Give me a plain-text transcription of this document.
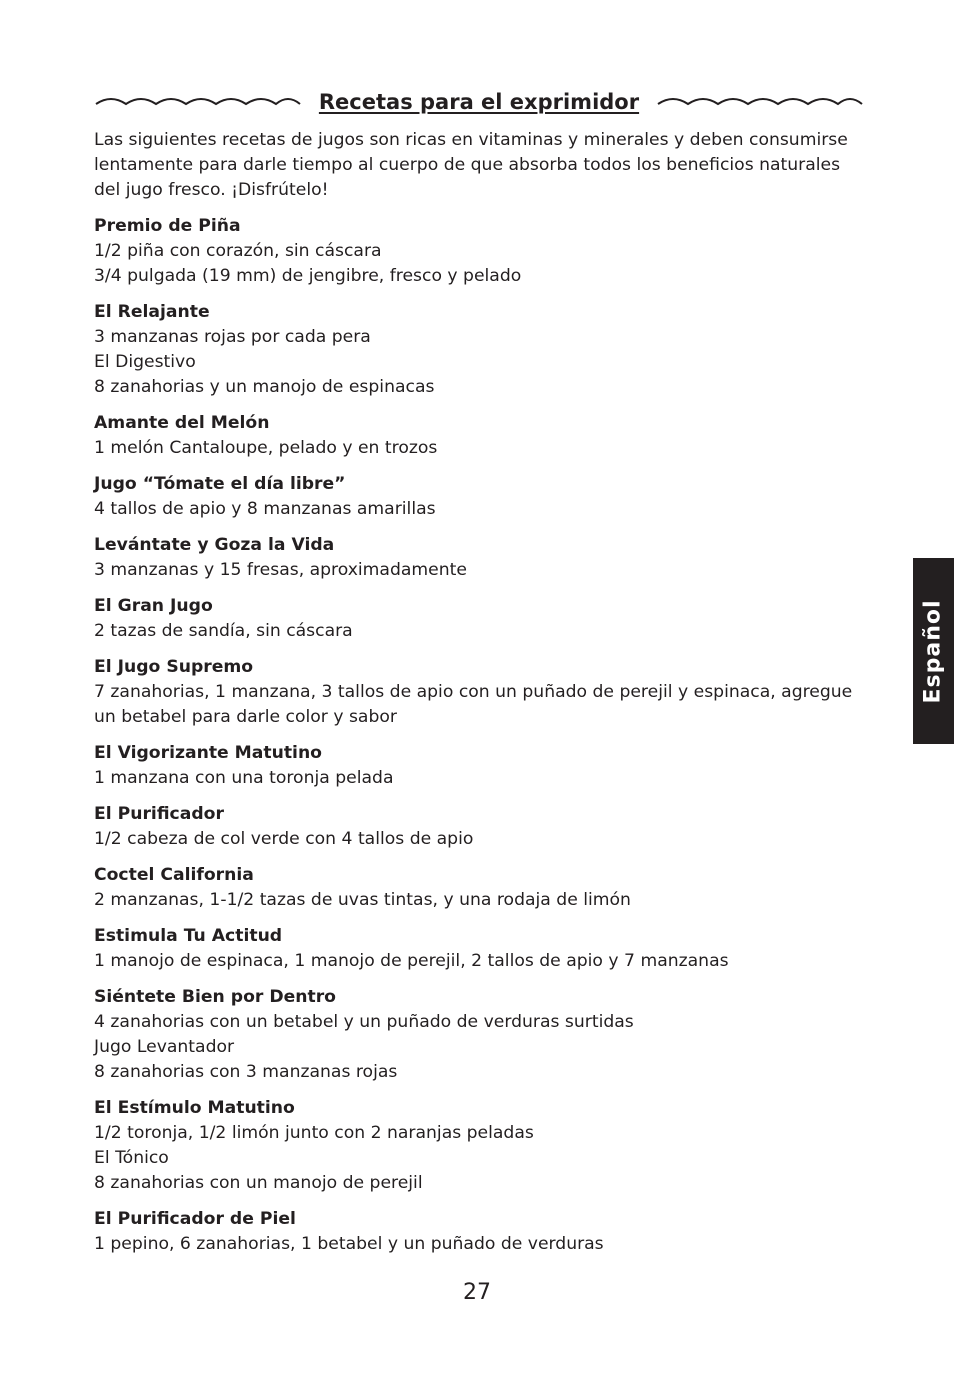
Recetas para el exprimidor

Las siguientes recetas de jugos son ricas en vitaminas y minerales y deben consumirse lentamente para darle tiempo al cuerpo de que absorba todos los beneficios naturales del jugo fresco. ¡Disfrútelo!

Premio de Piña
1/2 piña con corazón, sin cáscara
3/4 pulgada (19 mm) de jengibre, fresco y pelado
El Relajante
3 manzanas rojas por cada pera
El Digestivo
8 zanahorias y un manojo de espinacas
Amante del Melón
1 melón Cantaloupe, pelado y en trozos
Jugo “Tómate el día libre”
4 tallos de apio y 8 manzanas amarillas
Levántate y Goza la Vida
3 manzanas y 15 fresas, aproximadamente
El Gran Jugo
2 tazas de sandía, sin cáscara
El Jugo Supremo
7 zanahorias, 1 manzana, 3 tallos de apio con un puñado de perejil y espinaca, agregue un betabel para darle color y sabor
El Vigorizante Matutino
1 manzana con una toronja pelada
El Purificador
1/2 cabeza de col verde con 4 tallos de apio
Coctel California
2 manzanas, 1-1/2 tazas de uvas tintas, y una rodaja de limón
Estimula Tu Actitud
1 manojo de espinaca, 1 manojo de perejil, 2 tallos de apio y 7 manzanas
Siéntete Bien por Dentro
4 zanahorias con un betabel y un puñado de verduras surtidas
Jugo Levantador
8 zanahorias con 3 manzanas rojas
El Estímulo Matutino
1/2 toronja, 1/2 limón junto con 2 naranjas peladas
El Tónico
8 zanahorias con un manojo de perejil
El Purificador de Piel
1 pepino, 6 zanahorias, 1 betabel y un puñado de verduras
27
Español
